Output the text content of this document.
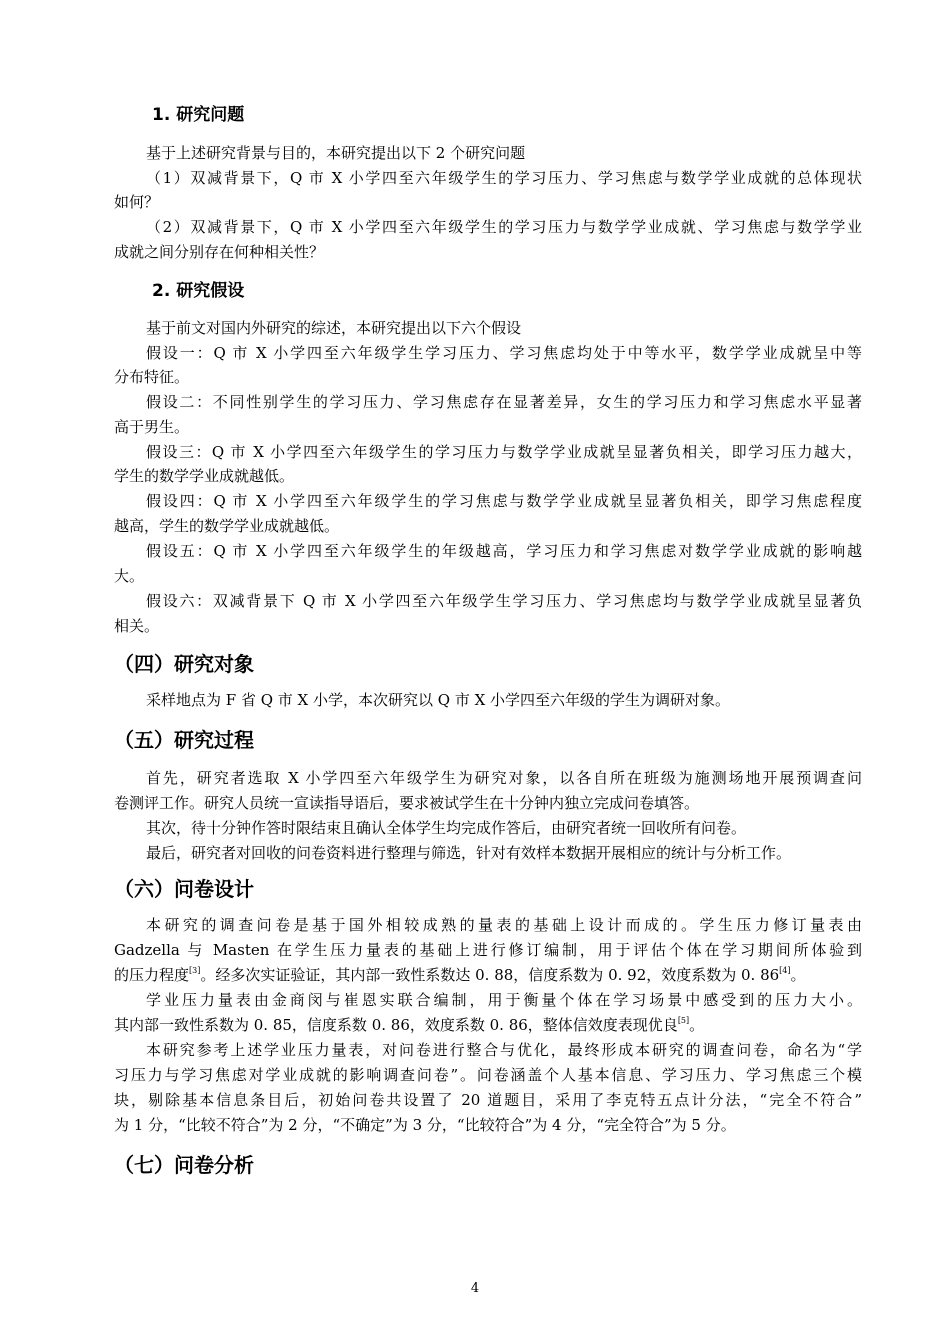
1. 研究问题
基于上述研究背景与目的，本研究提出以下 2 个研究问题
（1）双减背景下，Q 市 X 小学四至六年级学生的学习压力、学习焦虑与数学学业成就的总体现状
如何？
（2）双减背景下，Q 市 X 小学四至六年级学生的学习压力与数学学业成就、学习焦虑与数学学业
成就之间分别存在何种相关性？
2. 研究假设
基于前文对国内外研究的综述，本研究提出以下六个假设
假设一：Q 市 X 小学四至六年级学生学习压力、学习焦虑均处于中等水平，数学学业成就呈中等
分布特征。
假设二：不同性别学生的学习压力、学习焦虑存在显著差异，女生的学习压力和学习焦虑水平显著
高于男生。
假设三：Q 市 X 小学四至六年级学生的学习压力与数学学业成就呈显著负相关，即学习压力越大，
学生的数学学业成就越低。
假设四：Q 市 X 小学四至六年级学生的学习焦虑与数学学业成就呈显著负相关，即学习焦虑程度
越高，学生的数学学业成就越低。
假设五：Q 市 X 小学四至六年级学生的年级越高，学习压力和学习焦虑对数学学业成就的影响越
大。
假设六：双减背景下 Q 市 X 小学四至六年级学生学习压力、学习焦虑均与数学学业成就呈显著负
相关。
（四）研究对象
采样地点为 F 省 Q 市 X 小学，本次研究以 Q 市 X 小学四至六年级的学生为调研对象。
（五）研究过程
首先，研究者选取 X 小学四至六年级学生为研究对象，以各自所在班级为施测场地开展预调查问
卷测评工作。研究人员统一宣读指导语后，要求被试学生在十分钟内独立完成问卷填答。
其次，待十分钟作答时限结束且确认全体学生均完成作答后，由研究者统一回收所有问卷。
最后，研究者对回收的问卷资料进行整理与筛选，针对有效样本数据开展相应的统计与分析工作。
（六）问卷设计
本研究的调查问卷是基于国外相较成熟的量表的基础上设计而成的。学生压力修订量表由
Gadzella 与 Masten 在学生压力量表的基础上进行修订编制，用于评估个体在学习期间所体验到
的压力程度[3]。经多次实证验证，其内部一致性系数达 0. 88，信度系数为 0. 92，效度系数为 0. 86[4]。
学业压力量表由金商闵与崔恩实联合编制，用于衡量个体在学习场景中感受到的压力大小。
其内部一致性系数为 0. 85，信度系数 0. 86，效度系数 0. 86，整体信效度表现优良[5]。
本研究参考上述学业压力量表，对问卷进行整合与优化，最终形成本研究的调查问卷，命名为“学
习压力与学习焦虑对学业成就的影响调查问卷”。问卷涵盖个人基本信息、学习压力、学习焦虑三个模
块，剔除基本信息条目后，初始问卷共设置了 20 道题目，采用了李克特五点计分法，“完全不符合”
为 1 分，“比较不符合”为 2 分，“不确定”为 3 分，“比较符合”为 4 分，“完全符合”为 5 分。
（七）问卷分析
4
